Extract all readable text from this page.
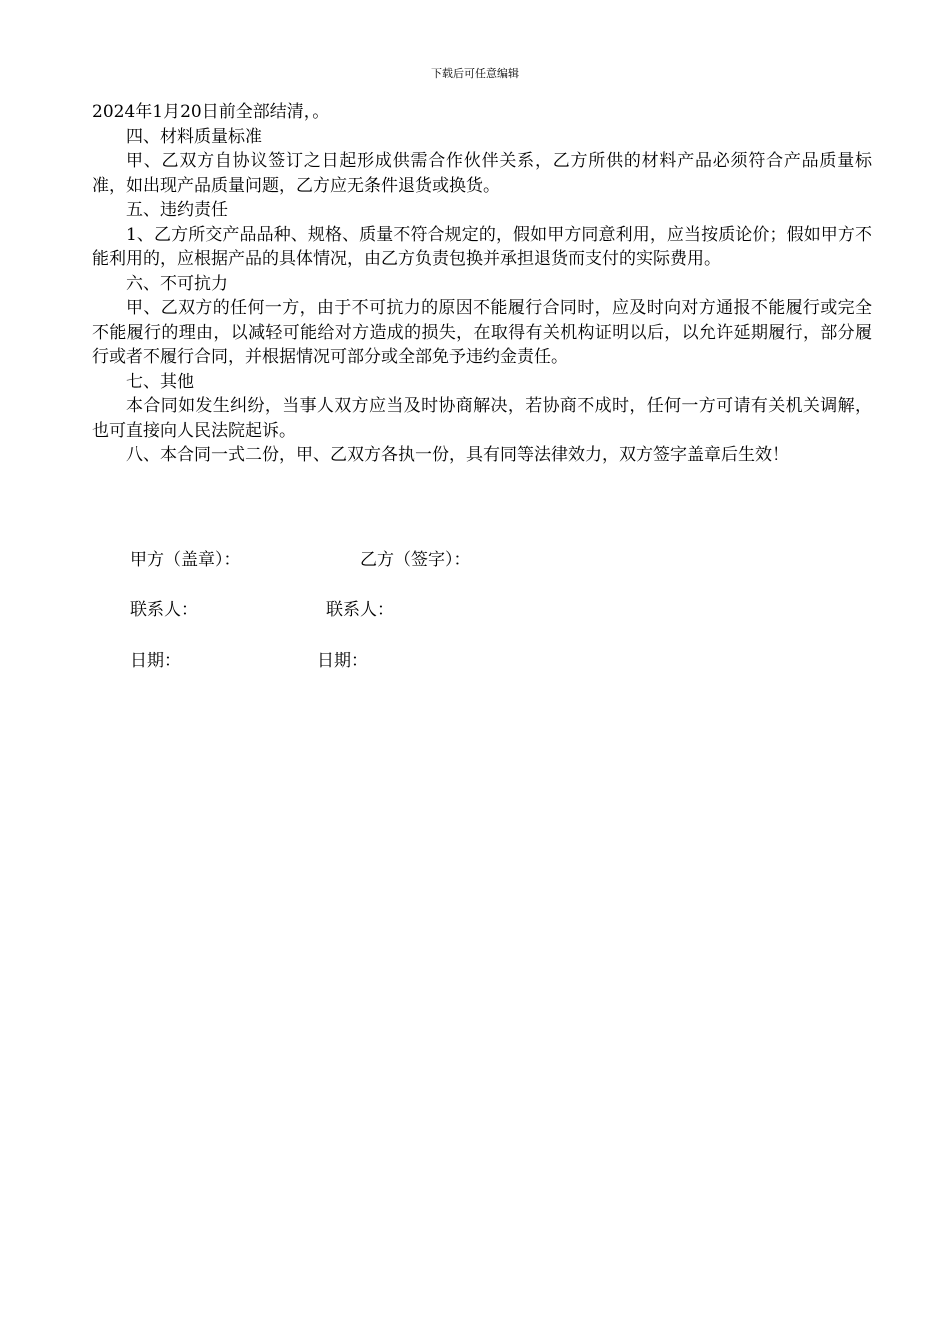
下载后可任意编辑

2024年1月20日前全部结清，。

四、材料质量标准

甲、乙双方自协议签订之日起形成供需合作伙伴关系，乙方所供的材料产品必须符合产品质量标准，如出现产品质量问题，乙方应无条件退货或换货。

五、违约责任

1、乙方所交产品品种、规格、质量不符合规定的，假如甲方同意利用，应当按质论价；假如甲方不能利用的，应根据产品的具体情况，由乙方负责包换并承担退货而支付的实际费用。

六、不可抗力

甲、乙双方的任何一方，由于不可抗力的原因不能履行合同时，应及时向对方通报不能履行或完全不能履行的理由，以减轻可能给对方造成的损失，在取得有关机构证明以后，以允许延期履行，部分履行或者不履行合同，并根据情况可部分或全部免予违约金责任。

七、其他

本合同如发生纠纷，当事人双方应当及时协商解决，若协商不成时，任何一方可请有关机关调解，也可直接向人民法院起诉。

八、本合同一式二份，甲、乙双方各执一份，具有同等法律效力，双方签字盖章后生效！

甲方（盖章）：	乙方（签字）：
联系人：	联系人：
日期：	日期：
